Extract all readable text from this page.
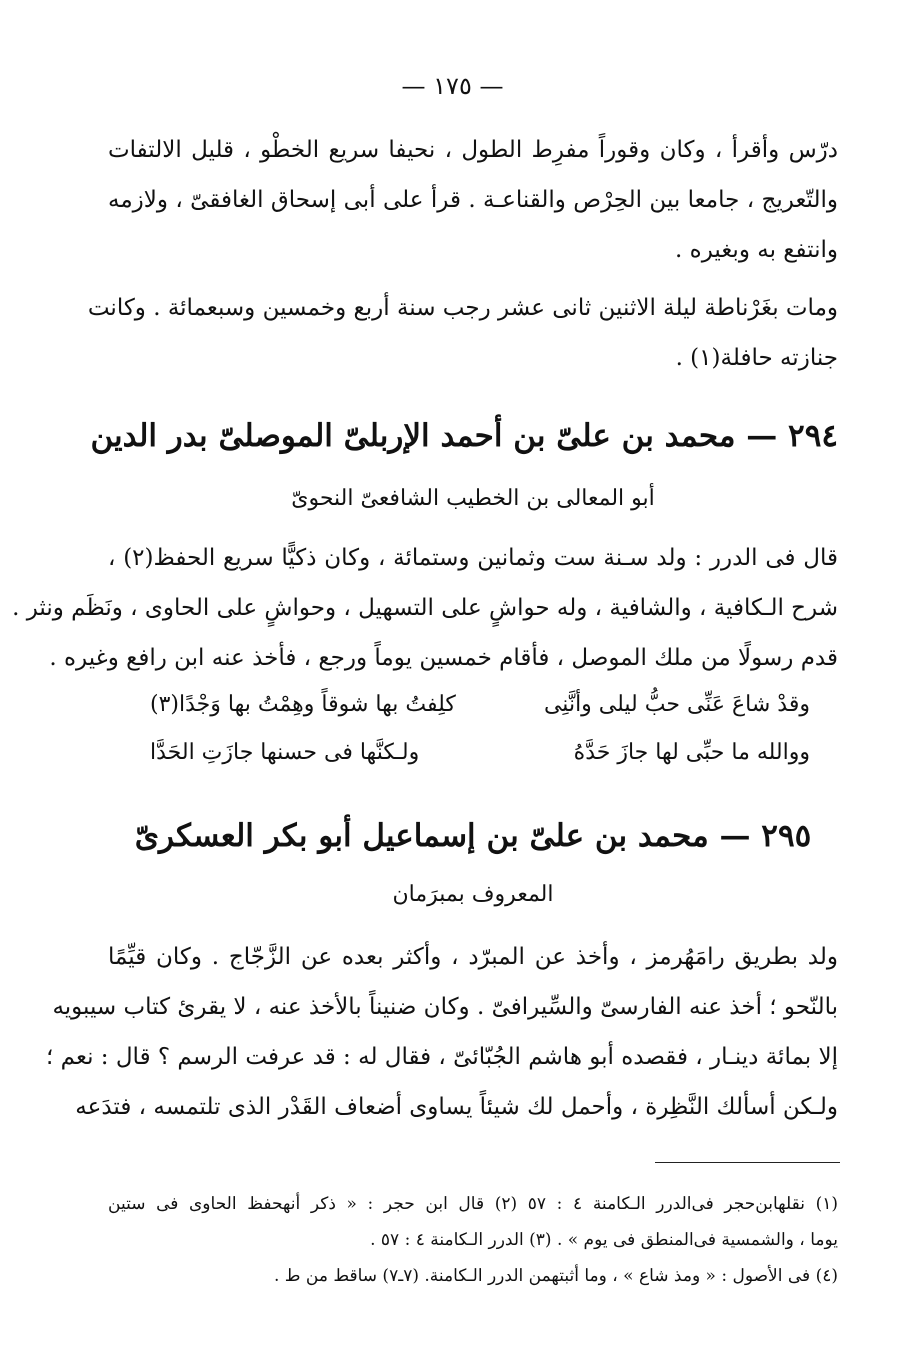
— ١٧٥ —
درّس وأقرأ ، وكان وقوراً مفرِط الطول ، نحيفا سريع الخطْو ، قليل الالتفات
والتّعريج ، جامعا بين الحِرْص والقناعـة . قرأ على أبى إسحاق الغافقىّ ، ولازمه
وانتفع به وبغيره .
ومات بغَرْناطة ليلة الاثنين ثانى عشر رجب سنة أربع وخمسين وسبعمائة . وكانت
جنازته حافلة(١) .
٢٩٤ — محمد بن علىّ بن أحمد الإربلىّ الموصلىّ بدر الدين
أبو المعالى بن الخطيب الشافعىّ النحوىّ
قال فى الدرر : ولد سـنة ست وثمانين وستمائة ، وكان ذكيًّا سريع الحفظ(٢) ،
شرح الـكافية ، والشافية ، وله حواشٍ على التسهيل ، وحواشٍ على الحاوى ، ونَظَم ونثر .
قدم رسولًا من ملك الموصل ، فأقام خمسين يوماً ورجع ، فأخذ عنه ابن رافع وغيره .
وقدْ شاعَ عَنِّى حبُّ ليلى وأنَّنِى
كلِفتُ بها شوقاً وهِمْتُ بها وَجْدًا(٣)
ووالله ما حبِّى لها جازَ حَدَّهُ
ولـكنَّها فى حسنها جازَتِ الحَدَّا
٢٩٥ — محمد بن علىّ بن إسماعيل أبو بكر العسكرىّ
المعروف بمبرَمان
ولد بطريق رامَهُرمز ، وأخذ عن المبرّد ، وأكثر بعده عن الزَّجّاج . وكان قيِّمًا
بالنّحو ؛ أخذ عنه الفارسىّ والسِّيرافىّ . وكان ضنيناً بالأخذ عنه ، لا يقرئ كتاب سيبويه
إلا بمائة دينـار ، فقصده أبو هاشم الجُبّائىّ ، فقال له : قد عرفت الرسم ؟ قال : نعم ؛
ولـكن أسألك النَّظِرة ، وأحمل لك شيئاً يساوى أضعاف القَدْر الذى تلتمسه ، فتدَعه
(١) نقلهابن‌حجر فى‌الدرر الـكامنة ٤ : ٥٧ (٢) قال ابن حجر : « ذكر أنهحفظ الحاوى فى ستين
يوما ، والشمسية فى‌المنطق فى يوم » . (٣) الدرر الـكامنة ٤ : ٥٧ .
(٤) فى الأصول : « ومذ شاع » ، وما أثبتهمن الدرر الـكامنة. (٧ـ٧) ساقط من ط .
